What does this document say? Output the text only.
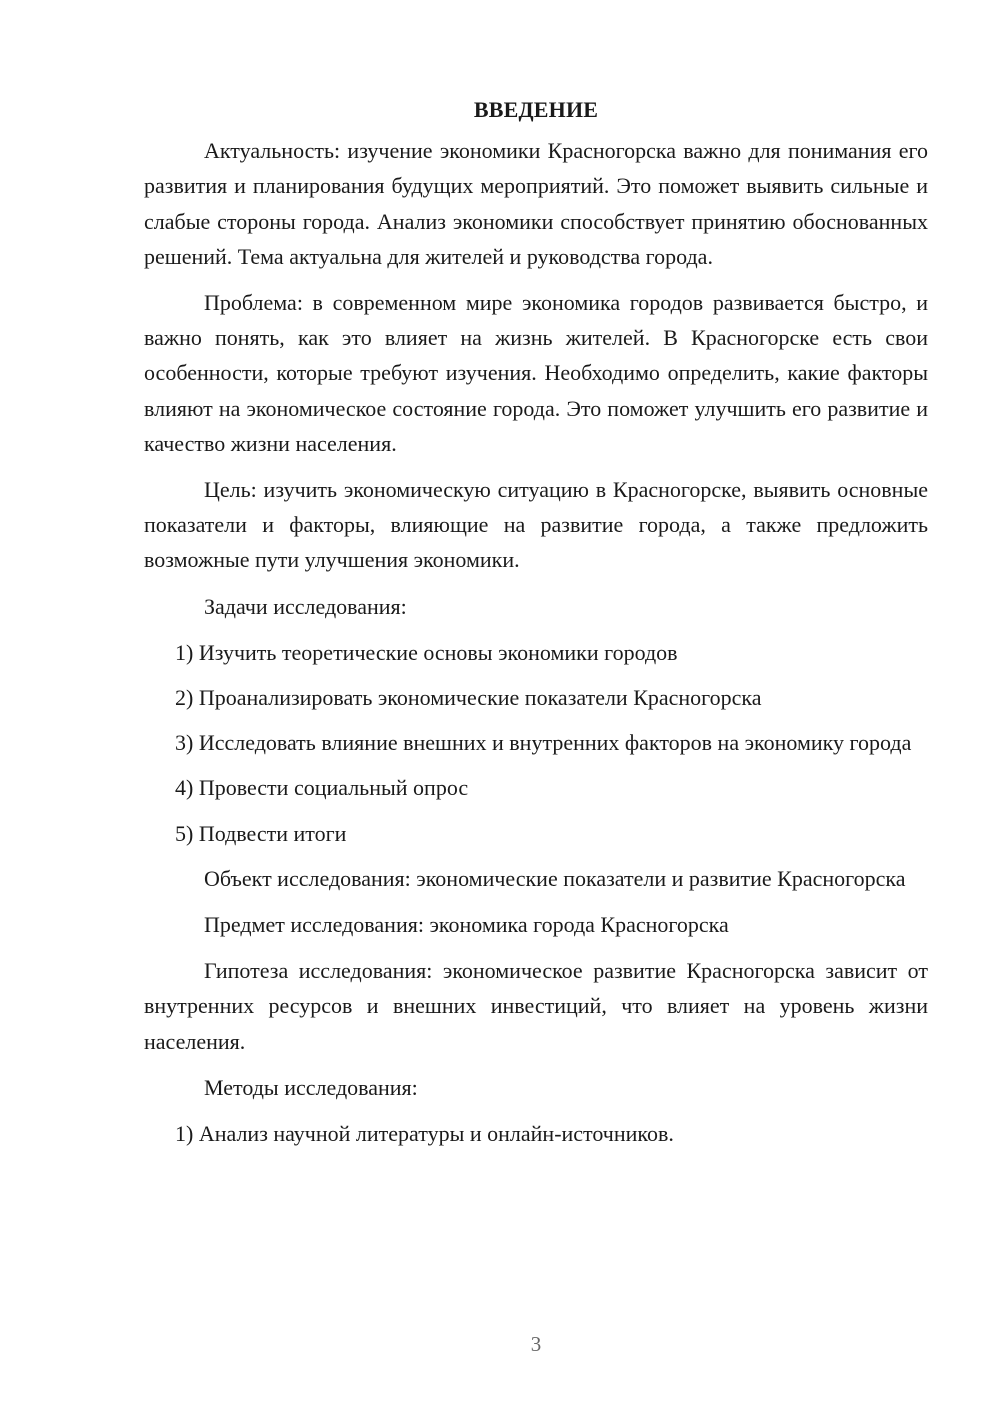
ВВЕДЕНИЕ

Актуальность: изучение экономики Красногорска важно для понимания его развития и планирования будущих мероприятий. Это поможет выявить сильные и слабые стороны города. Анализ экономики способствует принятию обоснованных решений. Тема актуальна для жителей и руководства города.

Проблема: в современном мире экономика городов развивается быстро, и важно понять, как это влияет на жизнь жителей. В Красногорске есть свои особенности, которые требуют изучения. Необходимо определить, какие факторы влияют на экономическое состояние города. Это поможет улучшить его развитие и качество жизни населения.

Цель: изучить экономическую ситуацию в Красногорске, выявить основные показатели и факторы, влияющие на развитие города, а также предложить возможные пути улучшения экономики.

Задачи исследования:

1) Изучить теоретические основы экономики городов

2) Проанализировать экономические показатели Красногорска

3) Исследовать влияние внешних и внутренних факторов на экономику города

4) Провести социальный опрос

5) Подвести итоги

Объект исследования: экономические показатели и развитие Красногорска

Предмет исследования: экономика города Красногорска

Гипотеза исследования: экономическое развитие Красногорска зависит от внутренних ресурсов и внешних инвестиций, что влияет на уровень жизни населения.

Методы исследования:

1) Анализ научной литературы и онлайн-источников.

3
